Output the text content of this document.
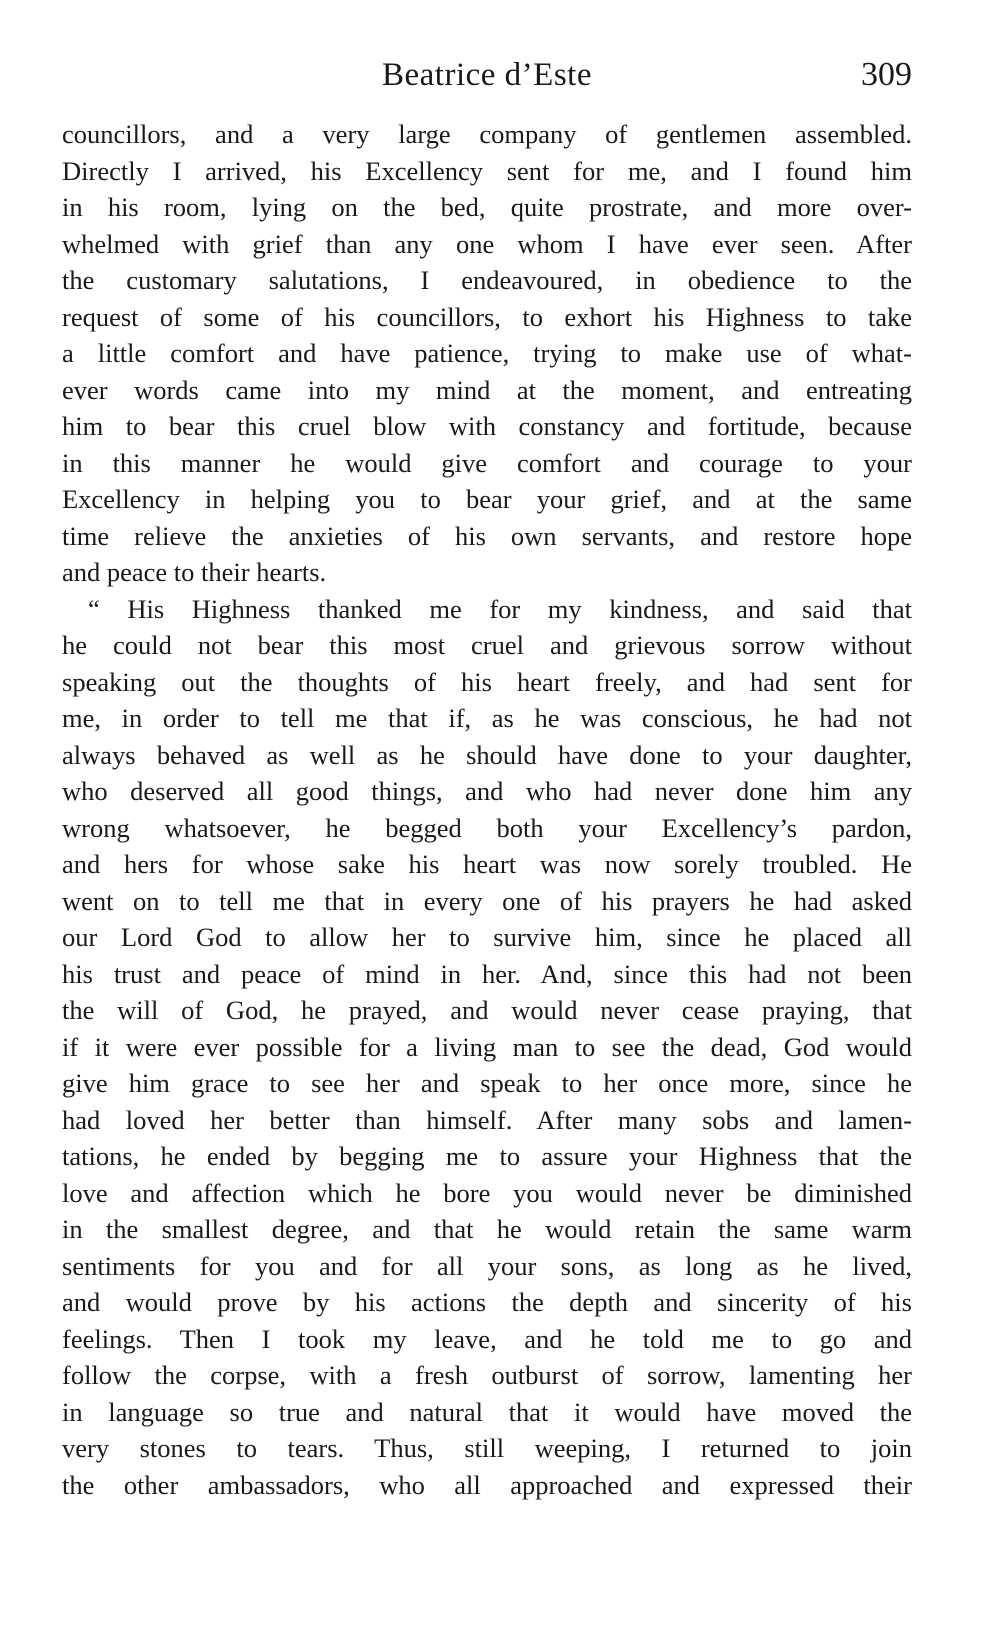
Beatrice d’Este	309
councillors, and a very large company of gentlemen assembled.
Directly I arrived, his Excellency sent for me, and I found him
in his room, lying on the bed, quite prostrate, and more over-
whelmed with grief than any one whom I have ever seen. After
the customary salutations, I endeavoured, in obedience to the
request of some of his councillors, to exhort his Highness to take
a little comfort and have patience, trying to make use of what-
ever words came into my mind at the moment, and entreating
him to bear this cruel blow with constancy and fortitude, because
in this manner he would give comfort and courage to your
Excellency in helping you to bear your grief, and at the same
time relieve the anxieties of his own servants, and restore hope
and peace to their hearts.
“ His Highness thanked me for my kindness, and said that
he could not bear this most cruel and grievous sorrow without
speaking out the thoughts of his heart freely, and had sent for
me, in order to tell me that if, as he was conscious, he had not
always behaved as well as he should have done to your daughter,
who deserved all good things, and who had never done him any
wrong whatsoever, he begged both your Excellency’s pardon,
and hers for whose sake his heart was now sorely troubled. He
went on to tell me that in every one of his prayers he had asked
our Lord God to allow her to survive him, since he placed all
his trust and peace of mind in her. And, since this had not been
the will of God, he prayed, and would never cease praying, that
if it were ever possible for a living man to see the dead, God would
give him grace to see her and speak to her once more, since he
had loved her better than himself. After many sobs and lamen-
tations, he ended by begging me to assure your Highness that the
love and affection which he bore you would never be diminished
in the smallest degree, and that he would retain the same warm
sentiments for you and for all your sons, as long as he lived,
and would prove by his actions the depth and sincerity of his
feelings. Then I took my leave, and he told me to go and
follow the corpse, with a fresh outburst of sorrow, lamenting her
in language so true and natural that it would have moved the
very stones to tears. Thus, still weeping, I returned to join
the other ambassadors, who all approached and expressed their
